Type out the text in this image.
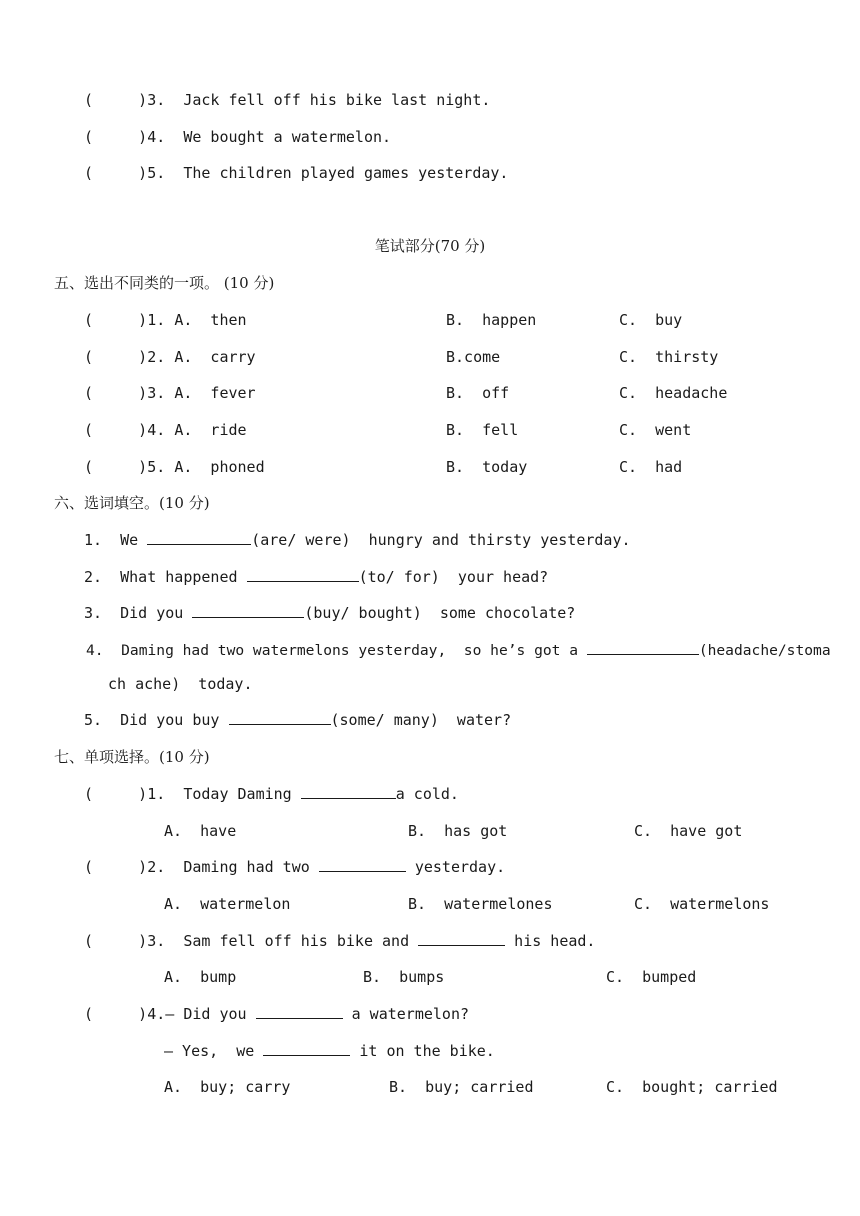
(     )3.  Jack fell off his bike last night.
(     )4.  We bought a watermelon.
(     )5.  The children played games yesterday.
笔试部分(70 分)
五、选出不同类的一项。 (10 分)
(     )1. A.  then	B.  happen	C.  buy
(     )2. A.  carry	B.come	C.  thirsty
(     )3. A.  fever	B.  off	C.  headache
(     )4. A.  ride	B.  fell	C.  went
(     )5. A.  phoned	B.  today	C.  had
六、选词填空。(10 分)
1.  We	(are/ were)  hungry and thirsty yesterday.
2.  What happened	(to/ for)  your head?
3.  Did you	(buy/ bought)  some chocolate?
4.  Daming had two watermelons yesterday,  so he’s got a	(headache/stoma
ch ache)  today.
5.  Did you buy	(some/ many)  water?
七、单项选择。(10 分)
(     )1.  Today Daming	a cold.
A.  have	B.  has got	C.  have got
(     )2.  Daming had two	yesterday.
A.  watermelon	B.  watermelones	C.  watermelons
(     )3.  Sam fell off his bike and	his head.
A.  bump	B.  bumps	C.  bumped
(     )4.— Did you	a watermelon?
— Yes,  we	it on the bike.
A.  buy; carry	B.  buy; carried	C.  bought; carried
